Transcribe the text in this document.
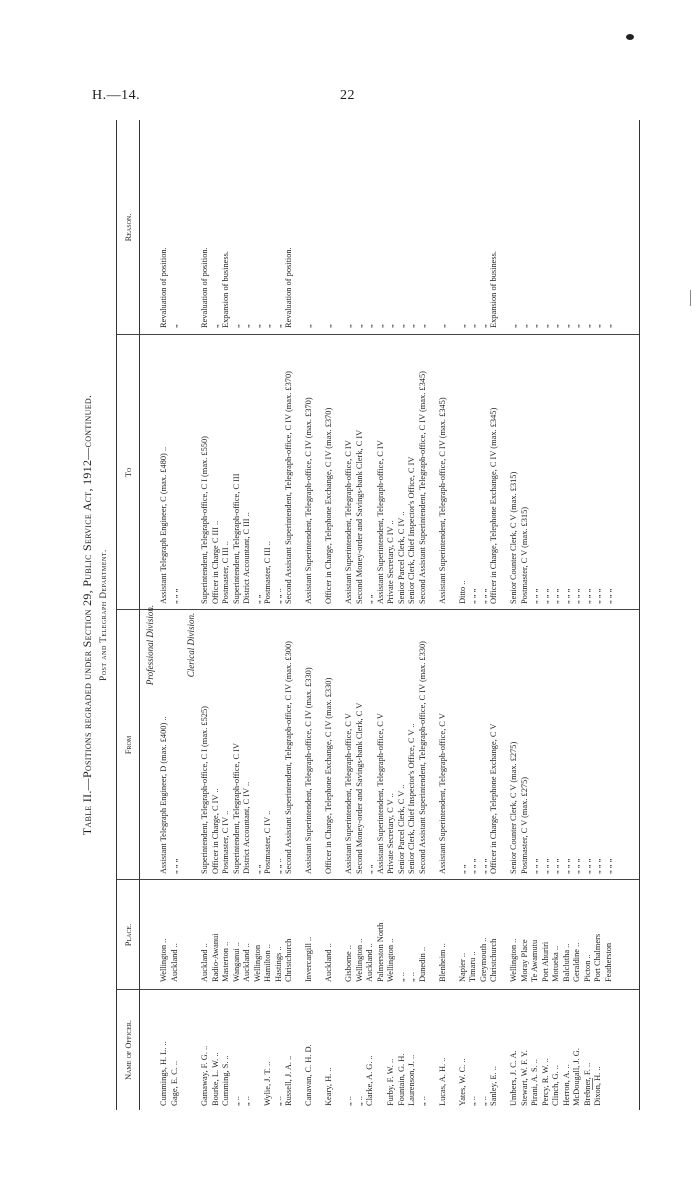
H.—14.	22
Table II.—Positions regraded under Section 29, Public Service Act, 1912—continued. Post and Telegraph Department.
Name of Officer.
Place.
From
To
Reason.
Professional Division.
Cummings, H. L. ..
Wellington ..
Assistant Telegraph Engineer, D (max. £400) ..
Assistant Telegraph Engineer, C (max. £480) ..
Revaluation of position.
Gage, E. C. ..
Auckland ..
„ „ „
„ „ „
„
Clerical Division.
Gamaway, F. G. ..
Auckland ..
Superintendent, Telegraph-office, C I (max. £525)
Superintendent, Telegraph-office, C I (max. £550)
Revaluation of position.
Bourke, L. W. ..
Radio-Awanui
Officer in Charge, C IV ..
Officer in Charge C III ..
„
Cumming, S. ..
Masterton ..
Postmaster, C IV ..
Postmaster, C III ..
Expansion of business.
„ ..
Wanganui ..
Superintendent, Telegraph-office, C IV
Superintendent, Telegraph-office, C III
„
„ ..
Auckland ..
District Accountant, C IV ..
District Accountant, C III ..
„
Wellington
„ „
„ „
„
Wylie, J. T. ..
Hamilton ..
Postmaster, C IV ..
Postmaster, C III ..
„
„ ..
Hastings ..
„ „ ..
„ „ ..
„
Russell, J. A. ..
Christchurch
Second Assistant Superintendent, Telegraph-office, C IV (max. £300)
Second Assistant Superintendent, Telegraph-office, C IV (max. £370)
Revaluation of position.
Canavan, C. H. D.
Invercargill ..
Assistant Superintendent, Telegraph-office, C IV (max. £330)
Assistant Superintendent, Telegraph-office, C IV (max. £370)
„
Keary, H. ..
Auckland ..
Officer in Charge, Telephone Exchange, C IV (max. £330)
Officer in Charge, Telephone Exchange, C IV (max. £370)
„
„ ..
Gisborne ..
Assistant Superintendent, Telegraph-office, C V
Assistant Superintendent, Telegraph-office, C IV
„
„ ..
Wellington ..
Second Money-order and Savings-bank Clerk, C V
Second Money-order and Savings-bank Clerk, C IV
„
Clarke, A. G. ..
Auckland ..
„ „
„ „
„
Palmerston North
Assistant Superintendent, Telegraph-office, C V
Assistant Superintendent, Telegraph-office, C IV
„
Furby, F. W. ..
Wellington ..
Private Secretary, C V ..
Private Secretary, C IV ..
„
Fountain, G. H.
„ ..
Senior Parcel Clerk, C V ..
Senior Parcel Clerk, C IV ..
„
Laurenson, J. ..
„ ..
Senior Clerk, Chief Inspector's Office, C V ..
Senior Clerk, Chief Inspector's Office, C IV
„
„ ..
Dunedin ..
Second Assistant Superintendent, Telegraph-office, C IV (max. £330)
Second Assistant Superintendent, Telegraph-office, C IV (max. £345)
„
Lucas, A. H. ..
Blenheim ..
Assistant Superintendent, Telegraph-office, C V
Assistant Superintendent, Telegraph-office, C IV (max. £345)
„
Yates, W. C. ..
Napier ..
„ „
Ditto ..
„
„ ..
Timaru ..
„ „ „
„ „ „
„
„ ..
Greymouth ..
„ „ „
„ „ „
„
Sanley, E. ..
Christchurch
Officer in Charge, Telephone Exchange, C V
Officer in Charge, Telephone Exchange, C IV (max. £345)
Expansion of business.
Umbers, J. C. A.
Wellington ..
Senior Counter Clerk, C V (max. £275)
Senior Counter Clerk, C V (max. £315)
„
Stewart, W. F. Y.
Moray Place
Postmaster, C V (max. £275)
Postmaster, C V (max. £315)
„
Pirani, A. S. ..
Te Awamutu
„ „ „
„ „ „
„
Percy, R. W. ..
Port Ahuriri
„ „ „
„ „ „
„
Clinch, G. ..
Motueka ..
„ „ „
„ „ „
„
Herron, A. ..
Balclutha ..
„ „ „
„ „ „
„
McDougall, J. G.
Geraldine ..
„ „ „
„ „ „
„
Brebner, F. ..
Picton ..
„ „ „
„ „ „
„
Dixon, H. ..
Port Chalmers
„ „ „
„ „ „
„
Featherston
„ „ „
„ „ „
„
